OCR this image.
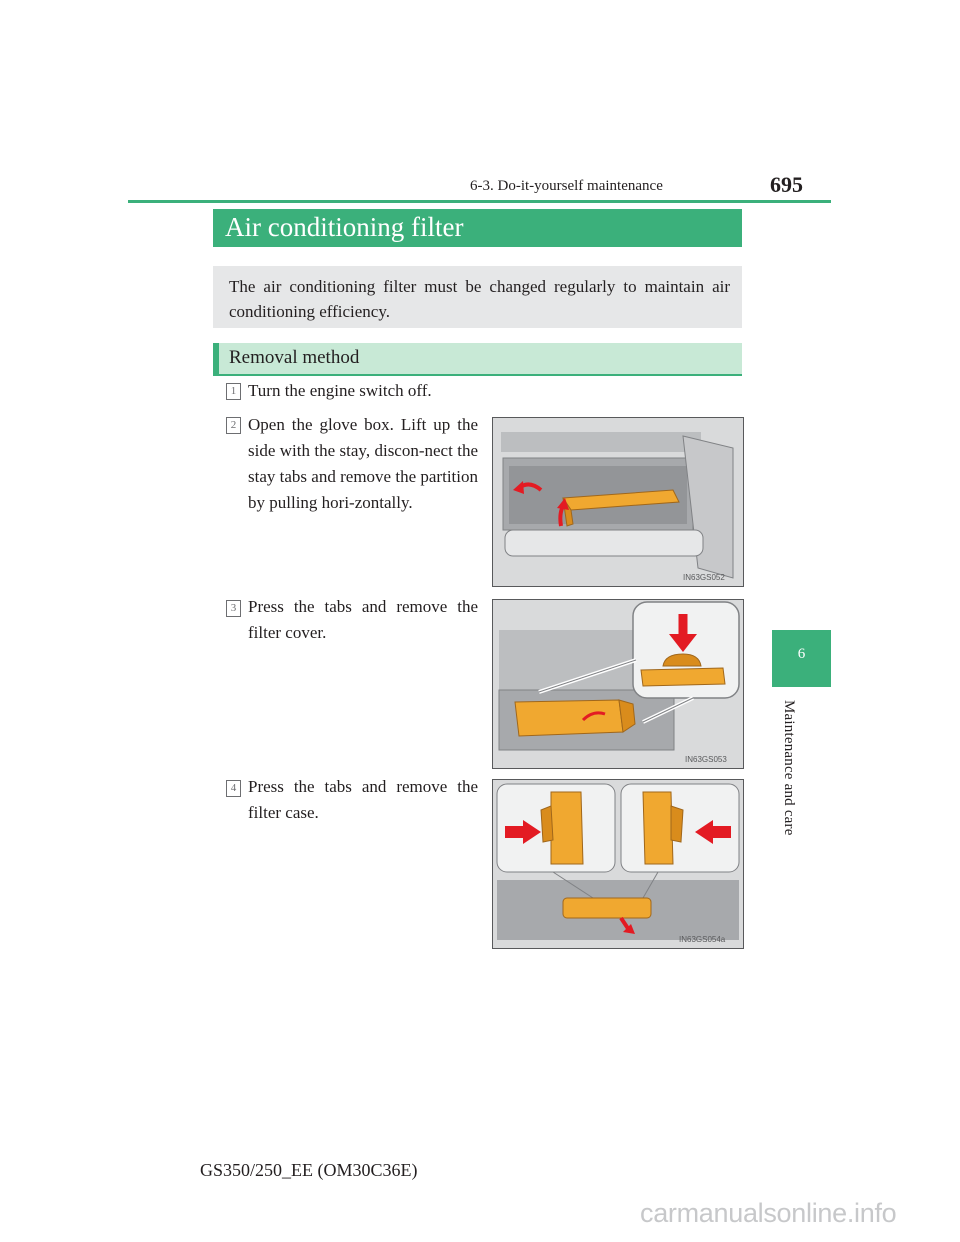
6-3. Do-it-yourself maintenance	695
6
Maintenance and care
Air conditioning filter
The air conditioning filter must be changed regularly to maintain air conditioning efficiency.
Removal method
1 Turn the engine switch off.
2 Open the glove box. Lift up the side with the stay, discon-nect the stay tabs and remove the partition by pulling hori-zontally.
IN63GS052
3 Press the tabs and remove the filter cover.
IN63GS053
4 Press the tabs and remove the filter case.
IN63GS054a
GS350/250_EE (OM30C36E)
carmanualsonline.info
